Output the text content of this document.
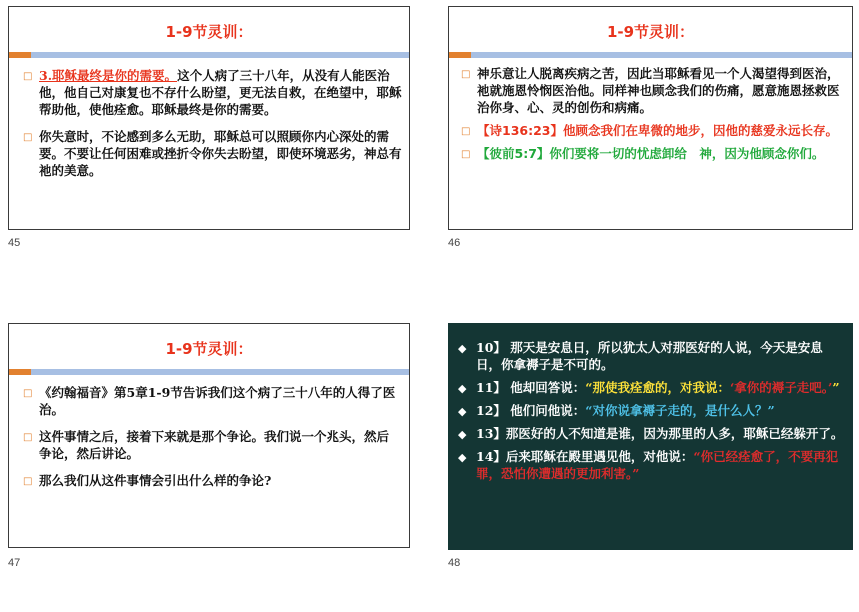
1-9节灵训：
□ 3.耶稣最终是你的需要。这个人病了三十八年，从没有人能医治他，他自己对康复也不存什么盼望，更无法自救，在绝望中，耶稣帮助他，使他痊愈。耶稣最终是你的需要。
□ 你失意时，不论感到多么无助，耶稣总可以照顾你内心深处的需要。不要让任何困难或挫折令你失去盼望，即使环境恶劣，神总有祂的美意。
45
1-9节灵训：
□ 神乐意让人脱离疾病之苦，因此当耶稣看见一个人渴望得到医治，祂就施恩怜悯医治他。同样神也顾念我们的伤痛，愿意施恩拯救医治你身、心、灵的创伤和病痛。
□ 【诗136:23】他顾念我们在卑微的地步，因他的慈爱永远长存。
□ 【彼前5:7】你们要将一切的忧虑卸给　神，因为他顾念你们。
46
1-9节灵训：
□ 《约翰福音》第5章1-9节告诉我们这个病了三十八年的人得了医治。
□ 这件事情之后，接着下来就是那个争论。我们说一个兆头，然后争论，然后讲论。
□ 那么我们从这件事情会引出什么样的争论?
47
◆ 10】 那天是安息日，所以犹太人对那医好的人说，今天是安息日，你拿褥子是不可的。
◆ 11】 他却回答说：“那使我痊愈的，对我说：‘拿你的褥子走吧。’”
◆ 12】 他们问他说：“对你说拿褥子走的，是什么人？”
◆ 13】那医好的人不知道是谁，因为那里的人多，耶稣已经躲开了。
◆ 14】后来耶稣在殿里遇见他，对他说：“你已经痊愈了，不要再犯罪，恐怕你遭遇的更加利害。”
48
